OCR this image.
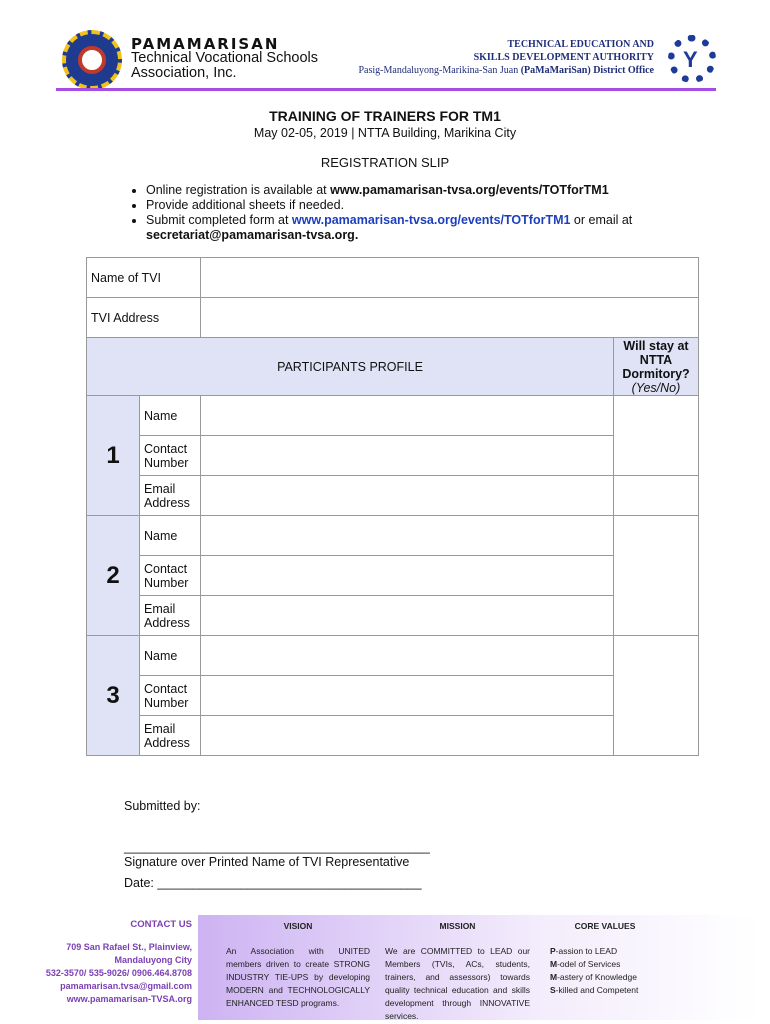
PAMAMARISAN
Technical Vocational Schools
Association, Inc.
TECHNICAL EDUCATION AND
SKILLS DEVELOPMENT AUTHORITY
Pasig-Mandaluyong-Marikina-San Juan (PaMaMariSan) District Office Y
TRAINING OF TRAINERS FOR TM1
May 02-05, 2019 | NTTA Building, Marikina City
REGISTRATION SLIP
• Online registration is available at www.pamamarisan-tvsa.org/events/TOTforTM1
• Provide additional sheets if needed.
• Submit completed form at www.pamamarisan-tvsa.org/events/TOTforTM1 or email at secretariat@pamamarisan-tvsa.org.
Name of TVI			
TVI Address			
PARTICIPANTS PROFILE			Will stay at NTTA Dormitory?
(Yes/No)
1	Name		
	Contact Number		
	Email Address		
2	Name		
	Contact Number		
	Email Address		
3	Name		
	Contact Number		
	Email Address		
Submitted by:
____________________________________________
Signature over Printed Name of TVI Representative
Date: ______________________________________
CONTACT US
709 San Rafael St., Plainview,
Mandaluyong City
532-3570/ 535-9026/ 0906.464.8708
pamamarisan.tvsa@gmail.com
www.pamamarisan-TVSA.org
VISION
An Association with UNITED members driven to create STRONG INDUSTRY TIE-UPS by developing MODERN and TECHNOLOGICALLY ENHANCED TESD programs.
MISSION
We are COMMITTED to LEAD our Members (TVIs, ACs, students, trainers, and assessors) towards quality technical education and skills development through INNOVATIVE services.
CORE VALUES
P-assion to LEAD
M-odel of Services
M-astery of Knowledge
S-killed and Competent
